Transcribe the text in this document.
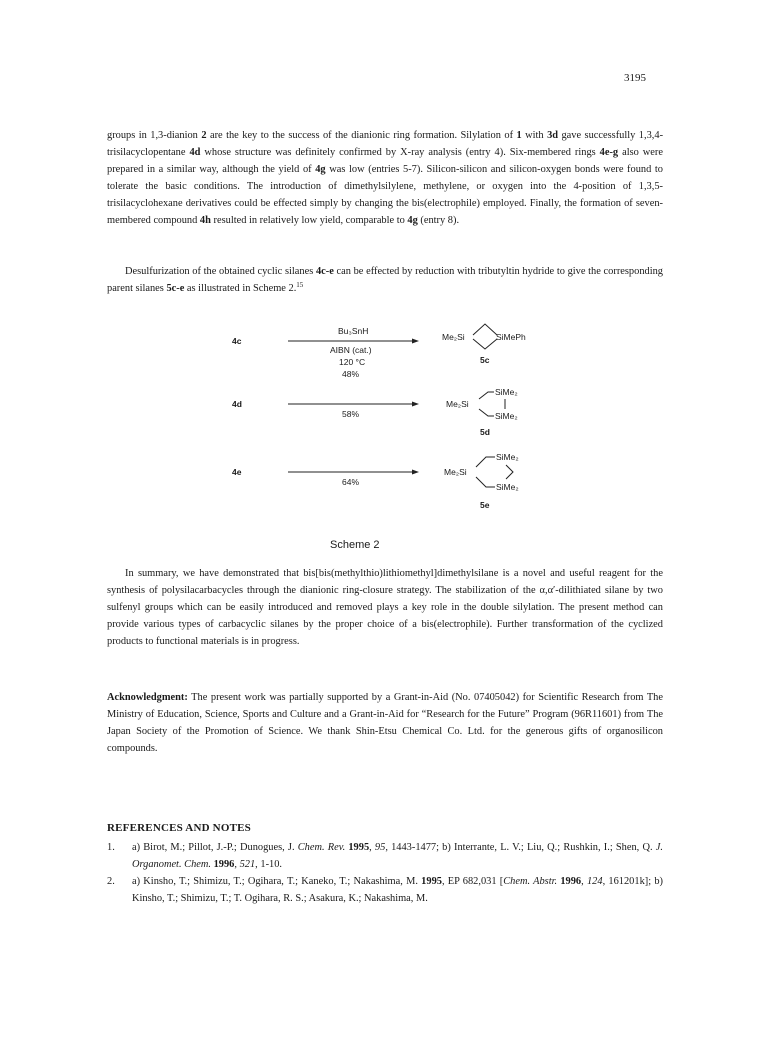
3195

groups in 1,3-dianion 2 are the key to the success of the dianionic ring formation. Silylation of 1 with 3d gave successfully 1,3,4-trisilacyclopentane 4d whose structure was definitely confirmed by X-ray analysis (entry 4). Six-membered rings 4e-g also were prepared in a similar way, although the yield of 4g was low (entries 5-7). Silicon-silicon and silicon-oxygen bonds were found to tolerate the basic conditions. The introduction of dimethylsilylene, methylene, or oxygen into the 4-position of 1,3,5-trisilacyclohexane derivatives could be effected simply by changing the bis(electrophile) employed. Finally, the formation of seven-membered compound 4h resulted in relatively low yield, comparable to 4g (entry 8).

Desulfurization of the obtained cyclic silanes 4c-e can be effected by reduction with tributyltin hydride to give the corresponding parent silanes 5c-e as illustrated in Scheme 2.15

4c
Bu₃SnH
AIBN (cat.)
120 °C
48%
Me₂Si	SiMePh
5c
4d
58%
Me₂Si
SiMe₂
SiMe₂
5d
4e
64%
Me₂Si
SiMe₂
SiMe₂
5e
Scheme 2

In summary, we have demonstrated that bis[bis(methylthio)lithiomethyl]dimethylsilane is a novel and useful reagent for the synthesis of polysilacarbacycles through the dianionic ring-closure strategy. The stabilization of the α,α′-dilithiated silane by two sulfenyl groups which can be easily introduced and removed plays a key role in the double silylation. The present method can provide various types of carbacyclic silanes by the proper choice of a bis(electrophile). Further transformation of the cyclized products to functional materials is in progress.

Acknowledgment: The present work was partially supported by a Grant-in-Aid (No. 07405042) for Scientific Research from The Ministry of Education, Science, Sports and Culture and a Grant-in-Aid for “Research for the Future” Program (96R11601) from The Japan Society of the Promotion of Science. We thank Shin-Etsu Chemical Co. Ltd. for the generous gifts of organosilicon compounds.

REFERENCES AND NOTES
1. a) Birot, M.; Pillot, J.-P.; Dunogues, J. Chem. Rev. 1995, 95, 1443-1477; b) Interrante, L. V.; Liu, Q.; Rushkin, I.; Shen, Q. J. Organomet. Chem. 1996, 521, 1-10.
2. a) Kinsho, T.; Shimizu, T.; Ogihara, T.; Kaneko, T.; Nakashima, M. 1995, EP 682,031 [Chem. Abstr. 1996, 124, 161201k]; b) Kinsho, T.; Shimizu, T.; T. Ogihara, R. S.; Asakura, K.; Nakashima, M.
